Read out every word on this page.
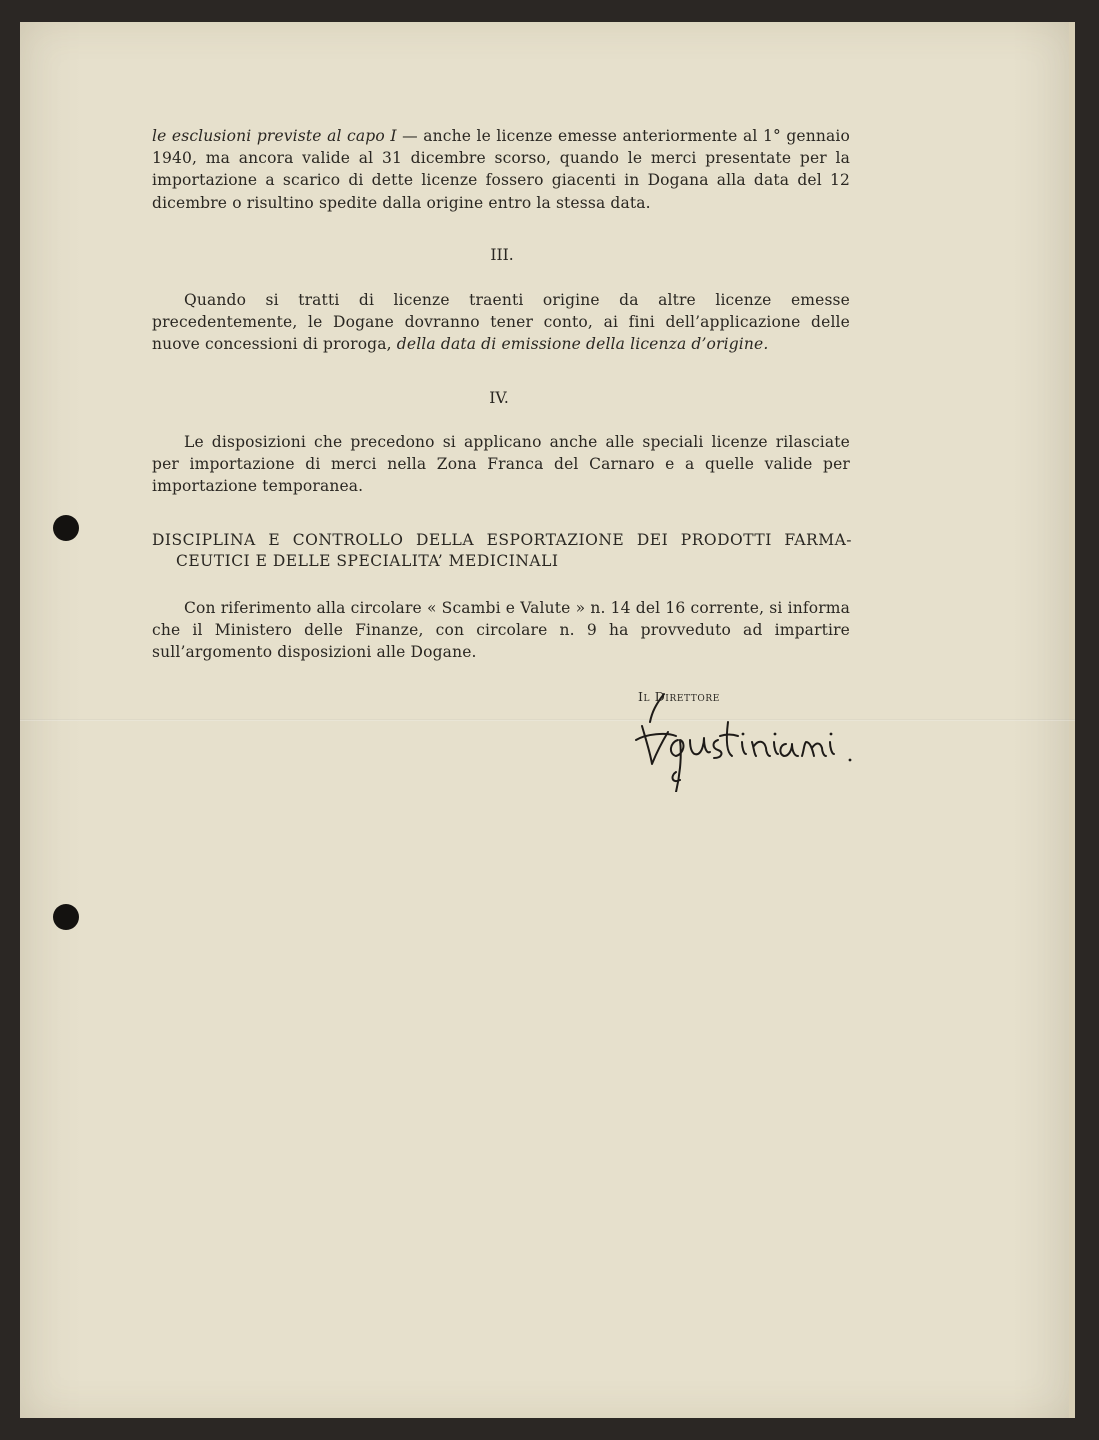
le esclusioni previste al capo I — anche le licenze emesse anteriormente al 1° gennaio 1940, ma ancora valide al 31 dicembre scorso, quando le merci presentate per la importazione a scarico di dette licenze fossero giacenti in Dogana alla data del 12 dicembre o risultino spedite dalla origine entro la stessa data.
III.
Quando si tratti di licenze traenti origine da altre licenze emesse precedentemente, le Dogane dovranno tener conto, ai fini dell’applicazione delle nuove concessioni di proroga, della data di emissione della licenza d’origine.
IV.
Le disposizioni che precedono si applicano anche alle speciali licenze rilasciate per importazione di merci nella Zona Franca del Carnaro e a quelle valide per importazione temporanea.
DISCIPLINA E CONTROLLO DELLA ESPORTAZIONE DEI PRODOTTI FARMA-
CEUTICI E DELLE SPECIALITA’ MEDICINALI
Con riferimento alla circolare « Scambi e Valute » n. 14 del 16 corrente, si informa che il Ministero delle Finanze, con circolare n. 9 ha provveduto ad impartire sull’argomento disposizioni alle Dogane.
Il Direttore
